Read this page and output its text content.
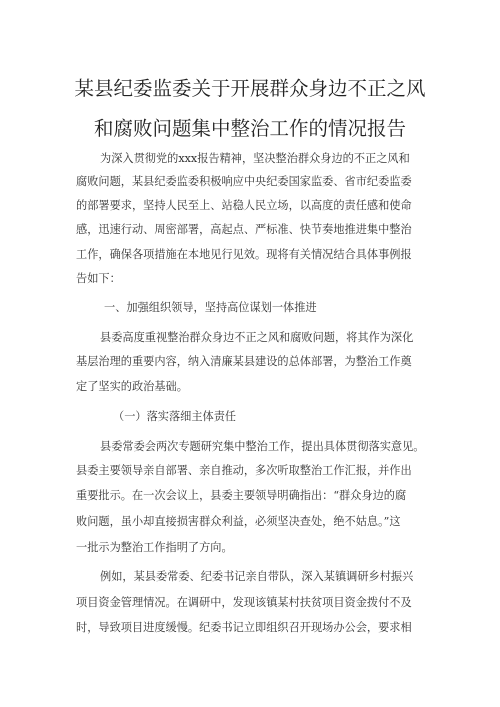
某县纪委监委关于开展群众身边不正之风
和腐败问题集中整治工作的情况报告
为深入贯彻党的xxx报告精神，坚决整治群众身边的不正之风和
腐败问题，某县纪委监委积极响应中央纪委国家监委、省市纪委监委
的部署要求，坚持人民至上、站稳人民立场，以高度的责任感和使命
感，迅速行动、周密部署，高起点、严标准、快节奏地推进集中整治
工作，确保各项措施在本地见行见效。现将有关情况结合具体事例报
告如下：
一、加强组织领导，坚持高位谋划一体推进
县委高度重视整治群众身边不正之风和腐败问题，将其作为深化
基层治理的重要内容，纳入清廉某县建设的总体部署，为整治工作奠
定了坚实的政治基础。
（一）落实落细主体责任
县委常委会两次专题研究集中整治工作，提出具体贯彻落实意见。
县委主要领导亲自部署、亲自推动，多次听取整治工作汇报，并作出
重要批示。在一次会议上，县委主要领导明确指出：“群众身边的腐
败问题，虽小却直接损害群众利益，必须坚决查处，绝不姑息。”这
一批示为整治工作指明了方向。
例如，某县委常委、纪委书记亲自带队，深入某镇调研乡村振兴
项目资金管理情况。在调研中，发现该镇某村扶贫项目资金拨付不及
时，导致项目进度缓慢。纪委书记立即组织召开现场办公会，要求相
